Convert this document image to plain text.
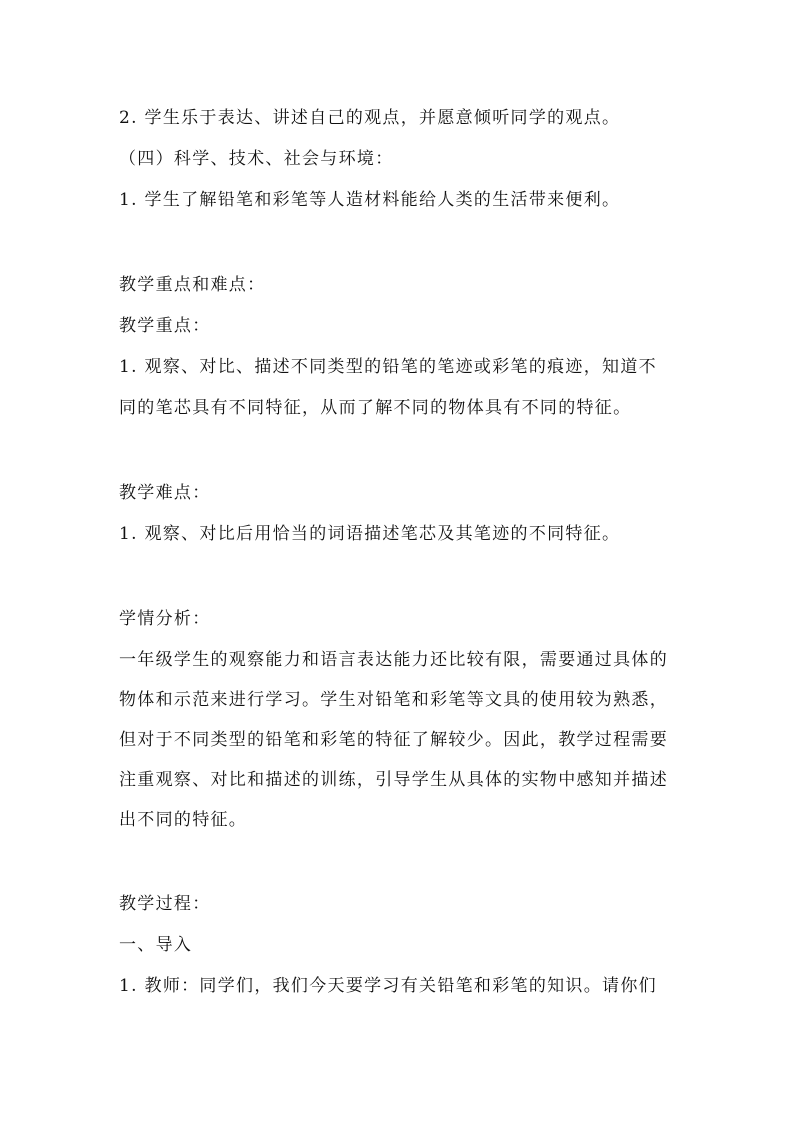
2. 学生乐于表达、讲述自己的观点，并愿意倾听同学的观点。
（四）科学、技术、社会与环境：
1. 学生了解铅笔和彩笔等人造材料能给人类的生活带来便利。
教学重点和难点：
教学重点：
1. 观察、对比、描述不同类型的铅笔的笔迹或彩笔的痕迹，知道不
同的笔芯具有不同特征，从而了解不同的物体具有不同的特征。
教学难点：
1. 观察、对比后用恰当的词语描述笔芯及其笔迹的不同特征。
学情分析：
一年级学生的观察能力和语言表达能力还比较有限，需要通过具体的
物体和示范来进行学习。学生对铅笔和彩笔等文具的使用较为熟悉，
但对于不同类型的铅笔和彩笔的特征了解较少。因此，教学过程需要
注重观察、对比和描述的训练，引导学生从具体的实物中感知并描述
出不同的特征。
教学过程：
一、导入
1. 教师：同学们，我们今天要学习有关铅笔和彩笔的知识。请你们
